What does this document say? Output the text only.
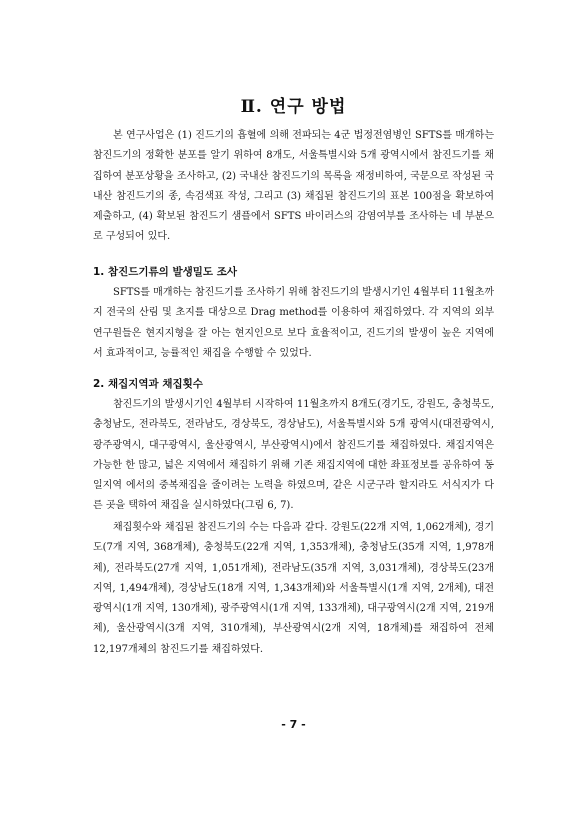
Ⅱ. 연구 방법

본 연구사업은 (1) 진드기의 흡혈에 의해 전파되는 4군 법정전염병인 SFTS를 매개하는 참진드기의 정확한 분포를 알기 위하여 8개도, 서울특별시와 5개 광역시에서 참진드기를 채집하여 분포상황을 조사하고, (2) 국내산 참진드기의 목록을 재정비하여, 국문으로 작성된 국내산 참진드기의 종, 속검색표 작성, 그리고 (3) 채집된 참진드기의 표본 100점을 확보하여 제출하고, (4) 확보된 참진드기 샘플에서 SFTS 바이러스의 감염여부를 조사하는 네 부분으로 구성되어 있다.

1. 참진드기류의 발생밀도 조사

SFTS를 매개하는 참진드기를 조사하기 위해 참진드기의 발생시기인 4월부터 11월초까지 전국의 산림 및 초지를 대상으로 Drag method를 이용하여 채집하였다. 각 지역의 외부연구원들은 현지지형을 잘 아는 현지인으로 보다 효율적이고, 진드기의 발생이 높은 지역에서 효과적이고, 능률적인 채집을 수행할 수 있었다.

2. 채집지역과 채집횟수

참진드기의 발생시기인 4월부터 시작하여 11월초까지 8개도(경기도, 강원도, 충청북도, 충청남도, 전라북도, 전라남도, 경상북도, 경상남도), 서울특별시와 5개 광역시(대전광역시, 광주광역시, 대구광역시, 울산광역시, 부산광역시)에서 참진드기를 채집하였다. 채집지역은 가능한 한 많고, 넓은 지역에서 채집하기 위해 기존 채집지역에 대한 좌표정보를 공유하여 동일지역 에서의 중복채집을 줄이려는 노력을 하였으며, 같은 시군구라 할지라도 서식지가 다른 곳을 택하여 채집을 실시하였다(그림 6, 7).

채집횟수와 채집된 참진드기의 수는 다음과 같다. 강원도(22개 지역, 1,062개체), 경기도(7개 지역, 368개체), 충청북도(22개 지역, 1,353개체), 충청남도(35개 지역, 1,978개체), 전라북도(27개 지역, 1,051개체), 전라남도(35개 지역, 3,031개체), 경상북도(23개 지역, 1,494개체), 경상남도(18개 지역, 1,343개체)와 서울특별시(1개 지역, 2개체), 대전광역시(1개 지역, 130개체), 광주광역시(1개 지역, 133개체), 대구광역시(2개 지역, 219개체), 울산광역시(3개 지역, 310개체), 부산광역시(2개 지역, 18개체)를 채집하여 전체 12,197개체의 참진드기를 채집하였다.

- 7 -
